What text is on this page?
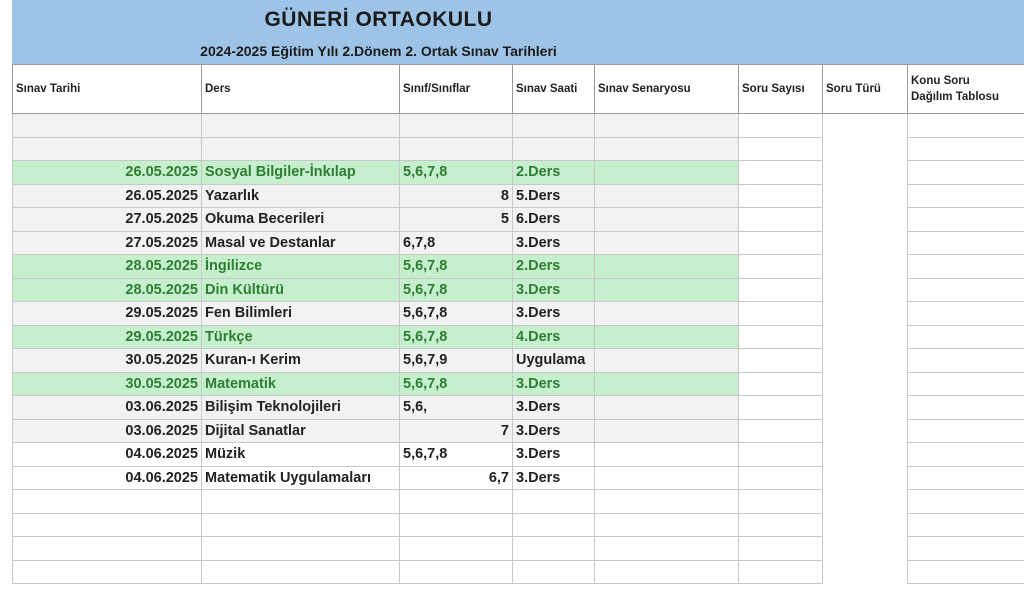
GÜNERİ ORTAOKULU
2024-2025 Eğitim Yılı 2.Dönem 2. Ortak Sınav Tarihleri
Sınav Tarihi	Ders	Sınıf/Sınıflar	Sınav Saati	Sınav Senaryosu	Soru Sayısı	Soru Türü	Konu Soru
Dağılım Tablosu

26.05.2025	Sosyal Bilgiler-İnkılap	5,6,7,8	2.Ders				
26.05.2025	Yazarlık	8	5.Ders				
27.05.2025	Okuma Becerileri	5	6.Ders				
27.05.2025	Masal ve Destanlar	6,7,8	3.Ders				
28.05.2025	İngilizce	5,6,7,8	2.Ders				
28.05.2025	Din Kültürü	5,6,7,8	3.Ders				
29.05.2025	Fen Bilimleri	5,6,7,8	3.Ders				
29.05.2025	Türkçe	5,6,7,8	4.Ders				
30.05.2025	Kuran-ı Kerim	5,6,7,9	Uygulama				
30.05.2025	Matematik	5,6,7,8	3.Ders				
03.06.2025	Bilişim Teknolojileri	5,6,	3.Ders				
03.06.2025	Dijital Sanatlar	7	3.Ders				
04.06.2025	Müzik	5,6,7,8	3.Ders				
04.06.2025	Matematik Uygulamaları	6,7	3.Ders				
